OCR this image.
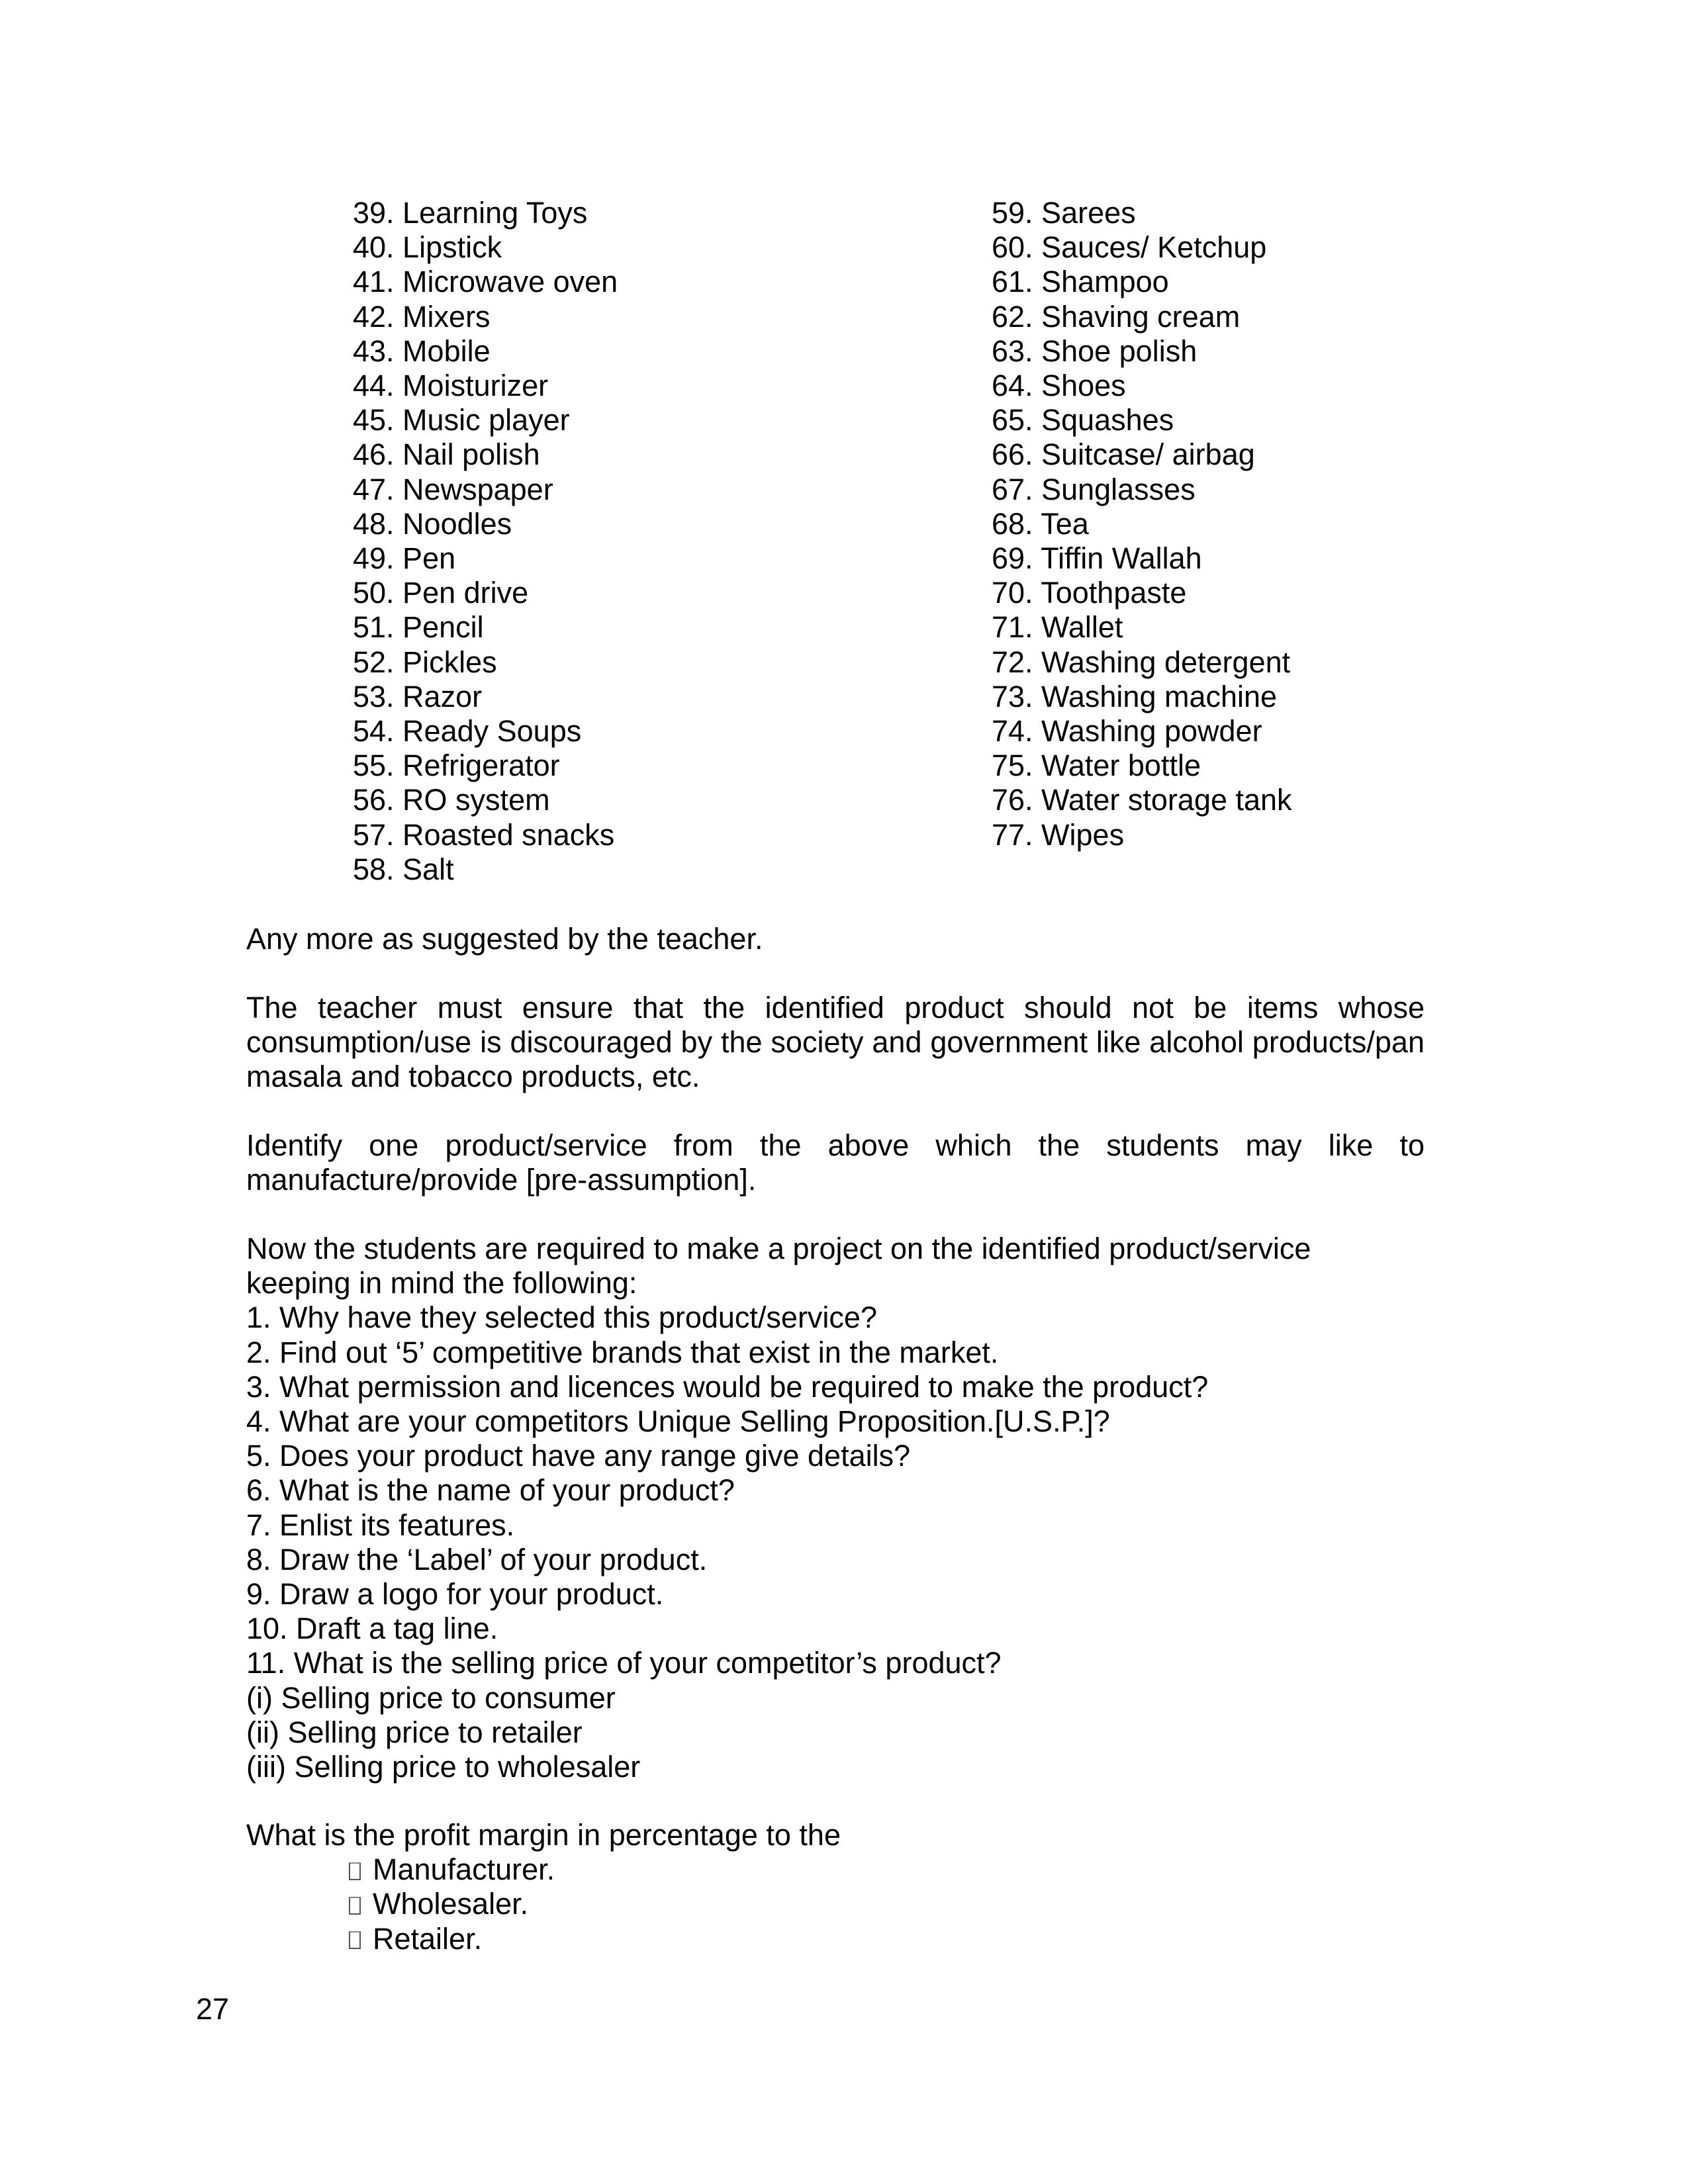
39. Learning Toys
40. Lipstick
41. Microwave oven
42. Mixers
43. Mobile
44. Moisturizer
45. Music player
46. Nail polish
47. Newspaper
48. Noodles
49. Pen
50. Pen drive
51. Pencil
52. Pickles
53. Razor
54. Ready Soups
55. Refrigerator
56. RO system
57. Roasted snacks
58. Salt
59. Sarees
60. Sauces/ Ketchup
61. Shampoo
62. Shaving cream
63. Shoe polish
64. Shoes
65. Squashes
66. Suitcase/ airbag
67. Sunglasses
68. Tea
69. Tiffin Wallah
70. Toothpaste
71. Wallet
72. Washing detergent
73. Washing machine
74. Washing powder
75. Water bottle
76. Water storage tank
77. Wipes

Any more as suggested by the teacher.

The teacher must ensure that the identified product should not be items whose consumption/use is discouraged by the society and government like alcohol products/pan masala and tobacco products, etc.

Identify one product/service from the above which the students may like to manufacture/provide [pre-assumption].

Now the students are required to make a project on the identified product/service
keeping in mind the following:
1. Why have they selected this product/service?
2. Find out ‘5’ competitive brands that exist in the market.
3. What permission and licences would be required to make the product?
4. What are your competitors Unique Selling Proposition.[U.S.P.]?
5. Does your product have any range give details?
6. What is the name of your product?
7. Enlist its features.
8. Draw the ‘Label’ of your product.
9. Draw a logo for your product.
10. Draft a tag line.
11. What is the selling price of your competitor’s product?
(i) Selling price to consumer
(ii) Selling price to retailer
(iii) Selling price to wholesaler
What is the profit margin in percentage to the
Manufacturer.
Wholesaler.
Retailer.
27
